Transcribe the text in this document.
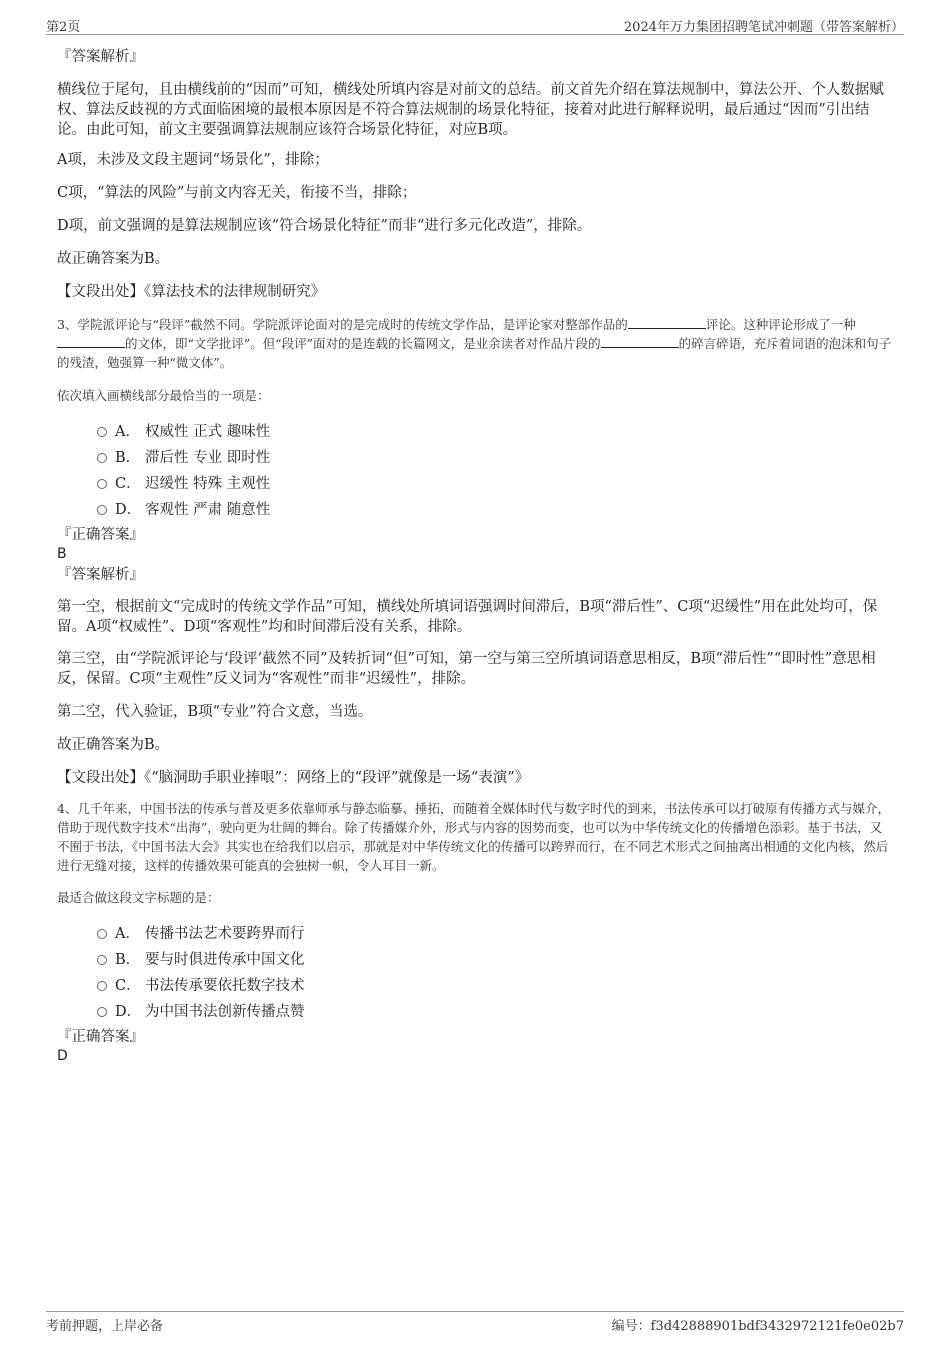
第2页	2024年万力集团招聘笔试冲刺题（带答案解析）
『答案解析』

横线位于尾句，且由横线前的“因而”可知，横线处所填内容是对前文的总结。前文首先介绍在算法规制中，算法公开、个人数据赋权、算法反歧视的方式面临困境的最根本原因是不符合算法规制的场景化特征，接着对此进行解释说明，最后通过“因而”引出结论。由此可知，前文主要强调算法规制应该符合场景化特征，对应B项。

A项，未涉及文段主题词“场景化”，排除；

C项，“算法的风险”与前文内容无关，衔接不当，排除；

D项，前文强调的是算法规制应该“符合场景化特征”而非“进行多元化改造”，排除。

故正确答案为B。

【文段出处】《算法技术的法律规制研究》

3、学院派评论与“段评”截然不同。学院派评论面对的是完成时的传统文学作品，是评论家对整部作品的	评论。这种评论形成了一种的文体，即“文学批评”。但“段评”面对的是连载的长篇网文，是业余读者对作品片段的	的碎言碎语，充斥着词语的泡沫和句子的残渣，勉强算一种“微文体”。

依次填入画横线部分最恰当的一项是：

A． 权威性 正式 趣味性
B． 滞后性 专业 即时性
C． 迟缓性 特殊 主观性
D． 客观性 严肃 随意性
『正确答案』
B
『答案解析』

第一空，根据前文“完成时的传统文学作品”可知，横线处所填词语强调时间滞后，B项“滞后性”、C项“迟缓性”用在此处均可，保留。A项“权威性”、D项“客观性”均和时间滞后没有关系，排除。

第三空，由“学院派评论与‘段评’截然不同”及转折词“但”可知，第一空与第三空所填词语意思相反，B项“滞后性”“即时性”意思相反，保留。C项“主观性”反义词为“客观性”而非“迟缓性”，排除。

第二空，代入验证，B项“专业”符合文意，当选。

故正确答案为B。

【文段出处】《“脑洞助手职业捧哏”：网络上的“段评”就像是一场“表演”》

4、几千年来，中国书法的传承与普及更多依靠师承与静态临摹、捶拓，而随着全媒体时代与数字时代的到来，书法传承可以打破原有传播方式与媒介，借助于现代数字技术“出海”，驶向更为壮阔的舞台。除了传播媒介外，形式与内容的因势而变，也可以为中华传统文化的传播增色添彩。基于书法，又不囿于书法，《中国书法大会》其实也在给我们以启示，那就是对中华传统文化的传播可以跨界而行，在不同艺术形式之间抽离出相通的文化内核，然后进行无缝对接，这样的传播效果可能真的会独树一帜，令人耳目一新。

最适合做这段文字标题的是：

A． 传播书法艺术要跨界而行
B． 要与时俱进传承中国文化
C． 书法传承要依托数字技术
D． 为中国书法创新传播点赞
『正确答案』
D
考前押题，上岸必备	编号：f3d42888901bdf3432972121fe0e02b7
